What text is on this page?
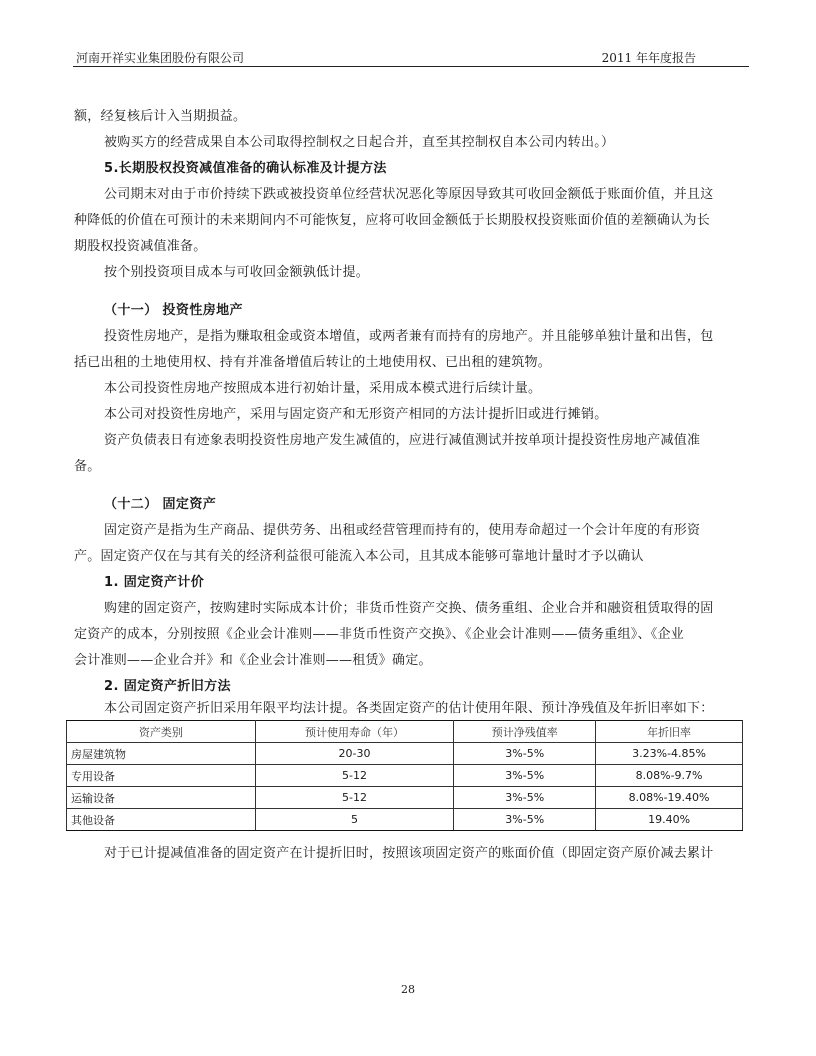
河南开祥实业集团股份有限公司	2011 年年度报告

额，经复核后计入当期损益。

被购买方的经营成果自本公司取得控制权之日起合并，直至其控制权自本公司内转出。）

5.长期股权投资减值准备的确认标准及计提方法

公司期末对由于市价持续下跌或被投资单位经营状况恶化等原因导致其可收回金额低于账面价值，并且这

种降低的价值在可预计的未来期间内不可能恢复，应将可收回金额低于长期股权投资账面价值的差额确认为长

期股权投资减值准备。

按个别投资项目成本与可收回金额孰低计提。

（十一） 投资性房地产

投资性房地产，是指为赚取租金或资本增值，或两者兼有而持有的房地产。并且能够单独计量和出售，包

括已出租的土地使用权、持有并准备增值后转让的土地使用权、已出租的建筑物。

本公司投资性房地产按照成本进行初始计量，采用成本模式进行后续计量。

本公司对投资性房地产，采用与固定资产和无形资产相同的方法计提折旧或进行摊销。

资产负债表日有迹象表明投资性房地产发生减值的，应进行减值测试并按单项计提投资性房地产减值准

备。

（十二） 固定资产

固定资产是指为生产商品、提供劳务、出租或经营管理而持有的，使用寿命超过一个会计年度的有形资

产。固定资产仅在与其有关的经济利益很可能流入本公司，且其成本能够可靠地计量时才予以确认

1. 固定资产计价

购建的固定资产，按购建时实际成本计价；非货币性资产交换、债务重组、企业合并和融资租赁取得的固

定资产的成本，分别按照《企业会计准则——非货币性资产交换》、《企业会计准则——债务重组》、《企业

会计准则——企业合并》和《企业会计准则——租赁》确定。

2. 固定资产折旧方法

本公司固定资产折旧采用年限平均法计提。各类固定资产的估计使用年限、预计净残值及年折旧率如下：

资产类别	预计使用寿命（年）	预计净残值率	年折旧率
房屋建筑物	20-30	3%-5%	3.23%-4.85%
专用设备	5-12	3%-5%	8.08%-9.7%
运输设备	5-12	3%-5%	8.08%-19.40%
其他设备	5	3%-5%	19.40%

对于已计提减值准备的固定资产在计提折旧时，按照该项固定资产的账面价值（即固定资产原价减去累计

28
